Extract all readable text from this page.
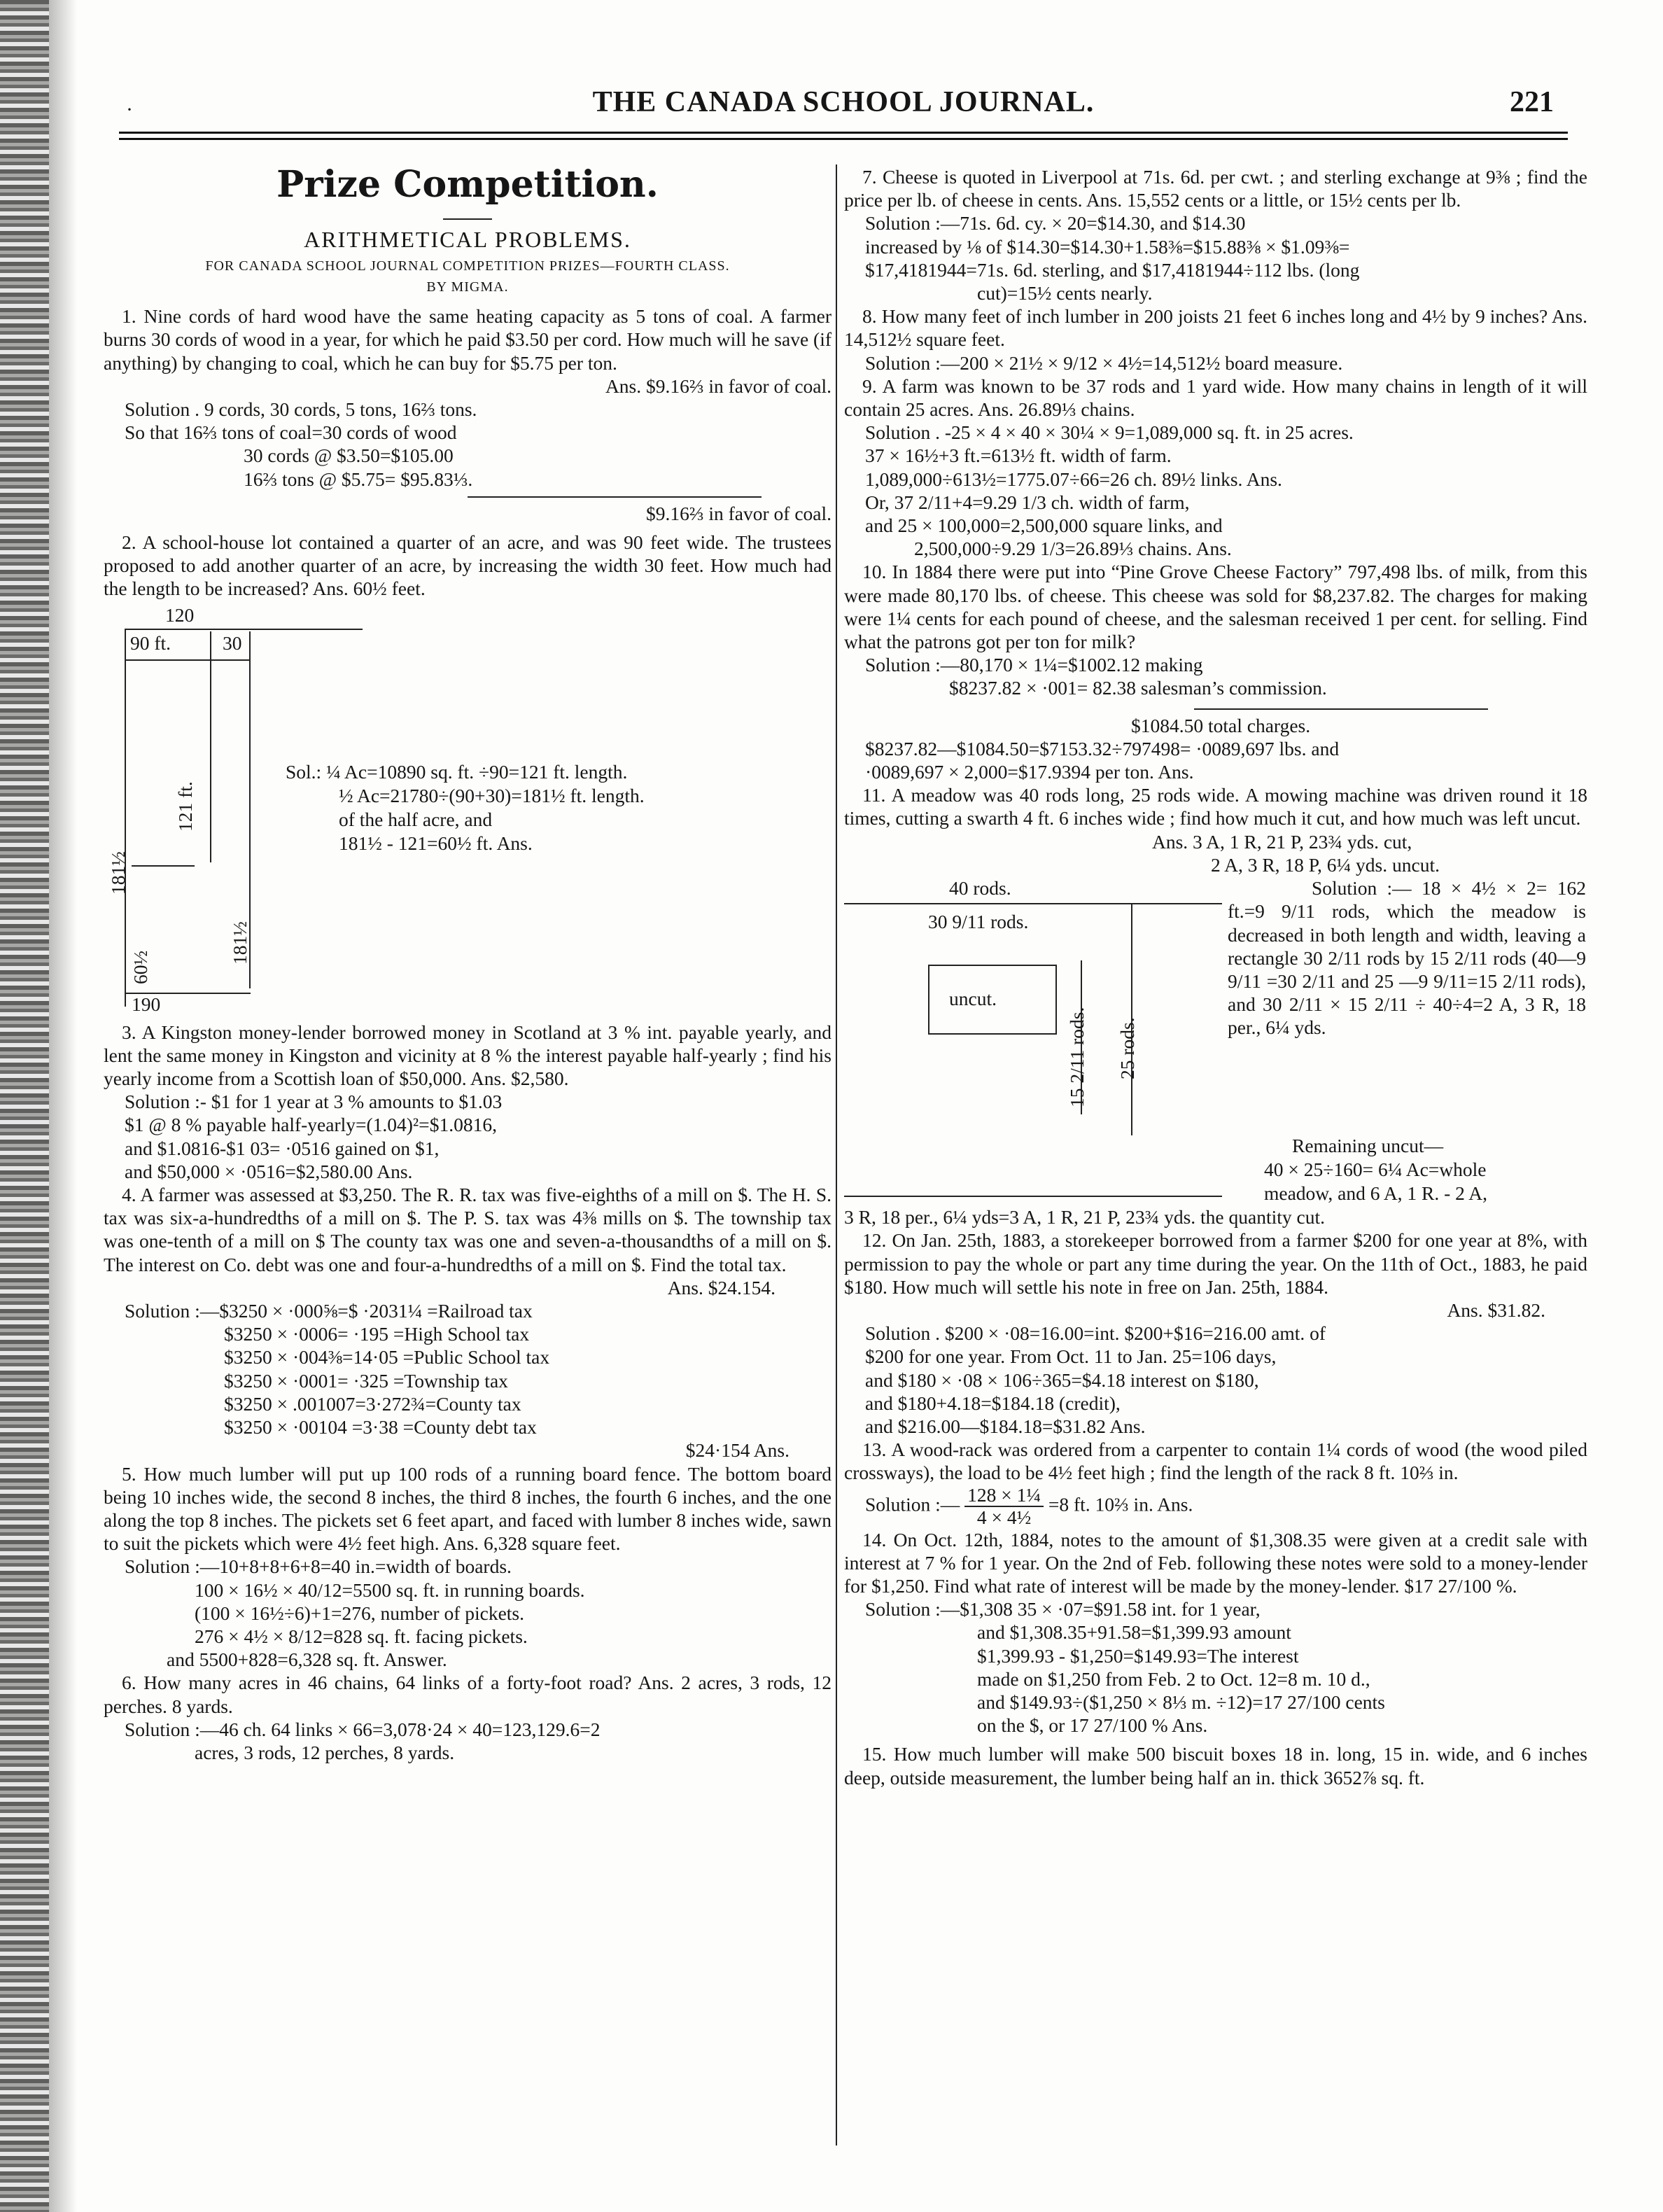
·	THE CANADA SCHOOL JOURNAL.	221
Prize Competition.
ARITHMETICAL PROBLEMS.

FOR CANADA SCHOOL JOURNAL COMPETITION PRIZES—FOURTH CLASS.

BY MIGMA.

1. Nine cords of hard wood have the same heating capacity as 5 tons of coal. A farmer burns 30 cords of wood in a year, for which he paid $3.50 per cord. How much will he save (if anything) by changing to coal, which he can buy for $5.75 per ton.

Ans. $9.16⅔ in favor of coal.

Solution . 9 cords, 30 cords, 5 tons, 16⅔ tons.

So that 16⅔ tons of coal=30 cords of wood

30 cords @ $3.50=$105.00

16⅔ tons @ $5.75= $95.83⅓.

$9.16⅔ in favor of coal.

2. A school-house lot contained a quarter of an acre, and was 90 feet wide. The trustees proposed to add another quarter of an acre, by increasing the width 30 feet. How much had the length to be increased? Ans. 60½ feet.

120
90 ft.	30
121 ft.
181½
181½
60½
190
Sol.: ¼ Ac=10890 sq. ft. ÷90=121 ft. length.
½ Ac=21780÷(90+30)=181½ ft. length.
of the half acre, and
181½ - 121=60½ ft. Ans.

3. A Kingston money-lender borrowed money in Scotland at 3 % int. payable yearly, and lent the same money in Kingston and vicinity at 8 % the interest payable half-yearly ; find his yearly income from a Scottish loan of $50,000. Ans. $2,580.

Solution :- $1 for 1 year at 3 % amounts to $1.03

$1 @ 8 % payable half-yearly=(1.04)²=$1.0816,

and $1.0816-$1 03= ·0516 gained on $1,

and $50,000 × ·0516=$2,580.00 Ans.

4. A farmer was assessed at $3,250. The R. R. tax was five-eighths of a mill on $. The H. S. tax was six-a-hundredths of a mill on $. The P. S. tax was 4⅜ mills on $. The township tax was one-tenth of a mill on $ The county tax was one and seven-a-thousandths of a mill on $. The interest on Co. debt was one and four-a-hundredths of a mill on $. Find the total tax.

Ans. $24.154.

Solution :—$3250 × ·000⅝=$ ·2031¼ =Railroad tax

$3250 × ·0006= ·195 =High School tax

$3250 × ·004⅜=14·05 =Public School tax

$3250 × ·0001= ·325 =Township tax

$3250 × .001007=3·272¾=County tax

$3250 × ·00104 =3·38 =County debt tax

$24·154 Ans.

5. How much lumber will put up 100 rods of a running board fence. The bottom board being 10 inches wide, the second 8 inches, the third 8 inches, the fourth 6 inches, and the one along the top 8 inches. The pickets set 6 feet apart, and faced with lumber 8 inches wide, sawn to suit the pickets which were 4½ feet high. Ans. 6,328 square feet.

Solution :—10+8+8+6+8=40 in.=width of boards.

100 × 16½ × 40/12=5500 sq. ft. in running boards.

(100 × 16½÷6)+1=276, number of pickets.

276 × 4½ × 8/12=828 sq. ft. facing pickets.

and 5500+828=6,328 sq. ft. Answer.

6. How many acres in 46 chains, 64 links of a forty-foot road? Ans. 2 acres, 3 rods, 12 perches. 8 yards.

Solution :—46 ch. 64 links × 66=3,078·24 × 40=123,129.6=2

acres, 3 rods, 12 perches, 8 yards.

7. Cheese is quoted in Liverpool at 71s. 6d. per cwt. ; and sterling exchange at 9⅜ ; find the price per lb. of cheese in cents. Ans. 15,552 cents or a little, or 15½ cents per lb.

Solution :—71s. 6d. cy. × 20=$14.30, and $14.30

increased by ⅛ of $14.30=$14.30+1.58⅜=$15.88⅜ × $1.09⅜=

$17,4181944=71s. 6d. sterling, and $17,4181944÷112 lbs. (long

cut)=15½ cents nearly.

8. How many feet of inch lumber in 200 joists 21 feet 6 inches long and 4½ by 9 inches? Ans. 14,512½ square feet.

Solution :—200 × 21½ × 9/12 × 4½=14,512½ board measure.

9. A farm was known to be 37 rods and 1 yard wide. How many chains in length of it will contain 25 acres. Ans. 26.89⅓ chains.

Solution . -25 × 4 × 40 × 30¼ × 9=1,089,000 sq. ft. in 25 acres.

37 × 16½+3 ft.=613½ ft. width of farm.

1,089,000÷613½=1775.07÷66=26 ch. 89½ links. Ans.

Or, 37 2/11+4=9.29 1/3 ch. width of farm,

and 25 × 100,000=2,500,000 square links, and

2,500,000÷9.29 1/3=26.89⅓ chains. Ans.

10. In 1884 there were put into “Pine Grove Cheese Factory” 797,498 lbs. of milk, from this were made 80,170 lbs. of cheese. This cheese was sold for $8,237.82. The charges for making were 1¼ cents for each pound of cheese, and the salesman received 1 per cent. for selling. Find what the patrons got per ton for milk?

Solution :—80,170 × 1¼=$1002.12 making

$8237.82 × ·001= 82.38 salesman’s commission.

$1084.50 total charges.

$8237.82—$1084.50=$7153.32÷797498= ·0089,697 lbs. and

·0089,697 × 2,000=$17.9394 per ton. Ans.

11. A meadow was 40 rods long, 25 rods wide. A mowing machine was driven round it 18 times, cutting a swarth 4 ft. 6 inches wide ; find how much it cut, and how much was left uncut.

Ans. 3 A, 1 R, 21 P, 23¾ yds. cut,

2 A, 3 R, 18 P, 6¼ yds. uncut.

40 rods.
30 9/11 rods.
uncut.
15 2/11 rods. 25 rods.
Solution :— 18 × 4½ × 2= 162 ft.=9 9/11 rods, which the meadow is decreased in both length and width, leaving a rectangle 30 2/11 rods by 15 2/11 rods (40—9 9/11 =30 2/11 and 25 —9 9/11=15 2/11 rods), and 30 2/11 × 15 2/11 ÷ 40÷4=2 A, 3 R, 18 per., 6¼ yds.
Remaining uncut—
40 × 25÷160= 6¼ Ac=whole
meadow, and 6 A, 1 R. - 2 A,

3 R, 18 per., 6¼ yds=3 A, 1 R, 21 P, 23¾ yds. the quantity cut.

12. On Jan. 25th, 1883, a storekeeper borrowed from a farmer $200 for one year at 8%, with permission to pay the whole or part any time during the year. On the 11th of Oct., 1883, he paid $180. How much will settle his note in free on Jan. 25th, 1884.

Ans. $31.82.

Solution . $200 × ·08=16.00=int. $200+$16=216.00 amt. of

$200 for one year. From Oct. 11 to Jan. 25=106 days,

and $180 × ·08 × 106÷365=$4.18 interest on $180,

and $180+4.18=$184.18 (credit),

and $216.00—$184.18=$31.82 Ans.

13. A wood-rack was ordered from a carpenter to contain 1¼ cords of wood (the wood piled crossways), the load to be 4½ feet high ; find the length of the rack 8 ft. 10⅔ in.

Solution :— $\frac{\text{128 × 1¼}}{\text{4 × 4½}} =8$ ft. 10⅔ in. Ans.

14. On Oct. 12th, 1884, notes to the amount of $1,308.35 were given at a credit sale with interest at 7 % for 1 year. On the 2nd of Feb. following these notes were sold to a money-lender for $1,250. Find what rate of interest will be made by the money-lender. $17 27/100 %.

Solution :—$1,308 35 × ·07=$91.58 int. for 1 year,

and $1,308.35+91.58=$1,399.93 amount

$1,399.93 - $1,250=$149.93=The interest

made on $1,250 from Feb. 2 to Oct. 12=8 m. 10 d.,

and $149.93÷($1,250 × 8⅓ m. ÷12)=17 27/100 cents

on the $, or 17 27/100 % Ans.

15. How much lumber will make 500 biscuit boxes 18 in. long, 15 in. wide, and 6 inches deep, outside measurement, the lumber being half an in. thick 3652⅞ sq. ft.
